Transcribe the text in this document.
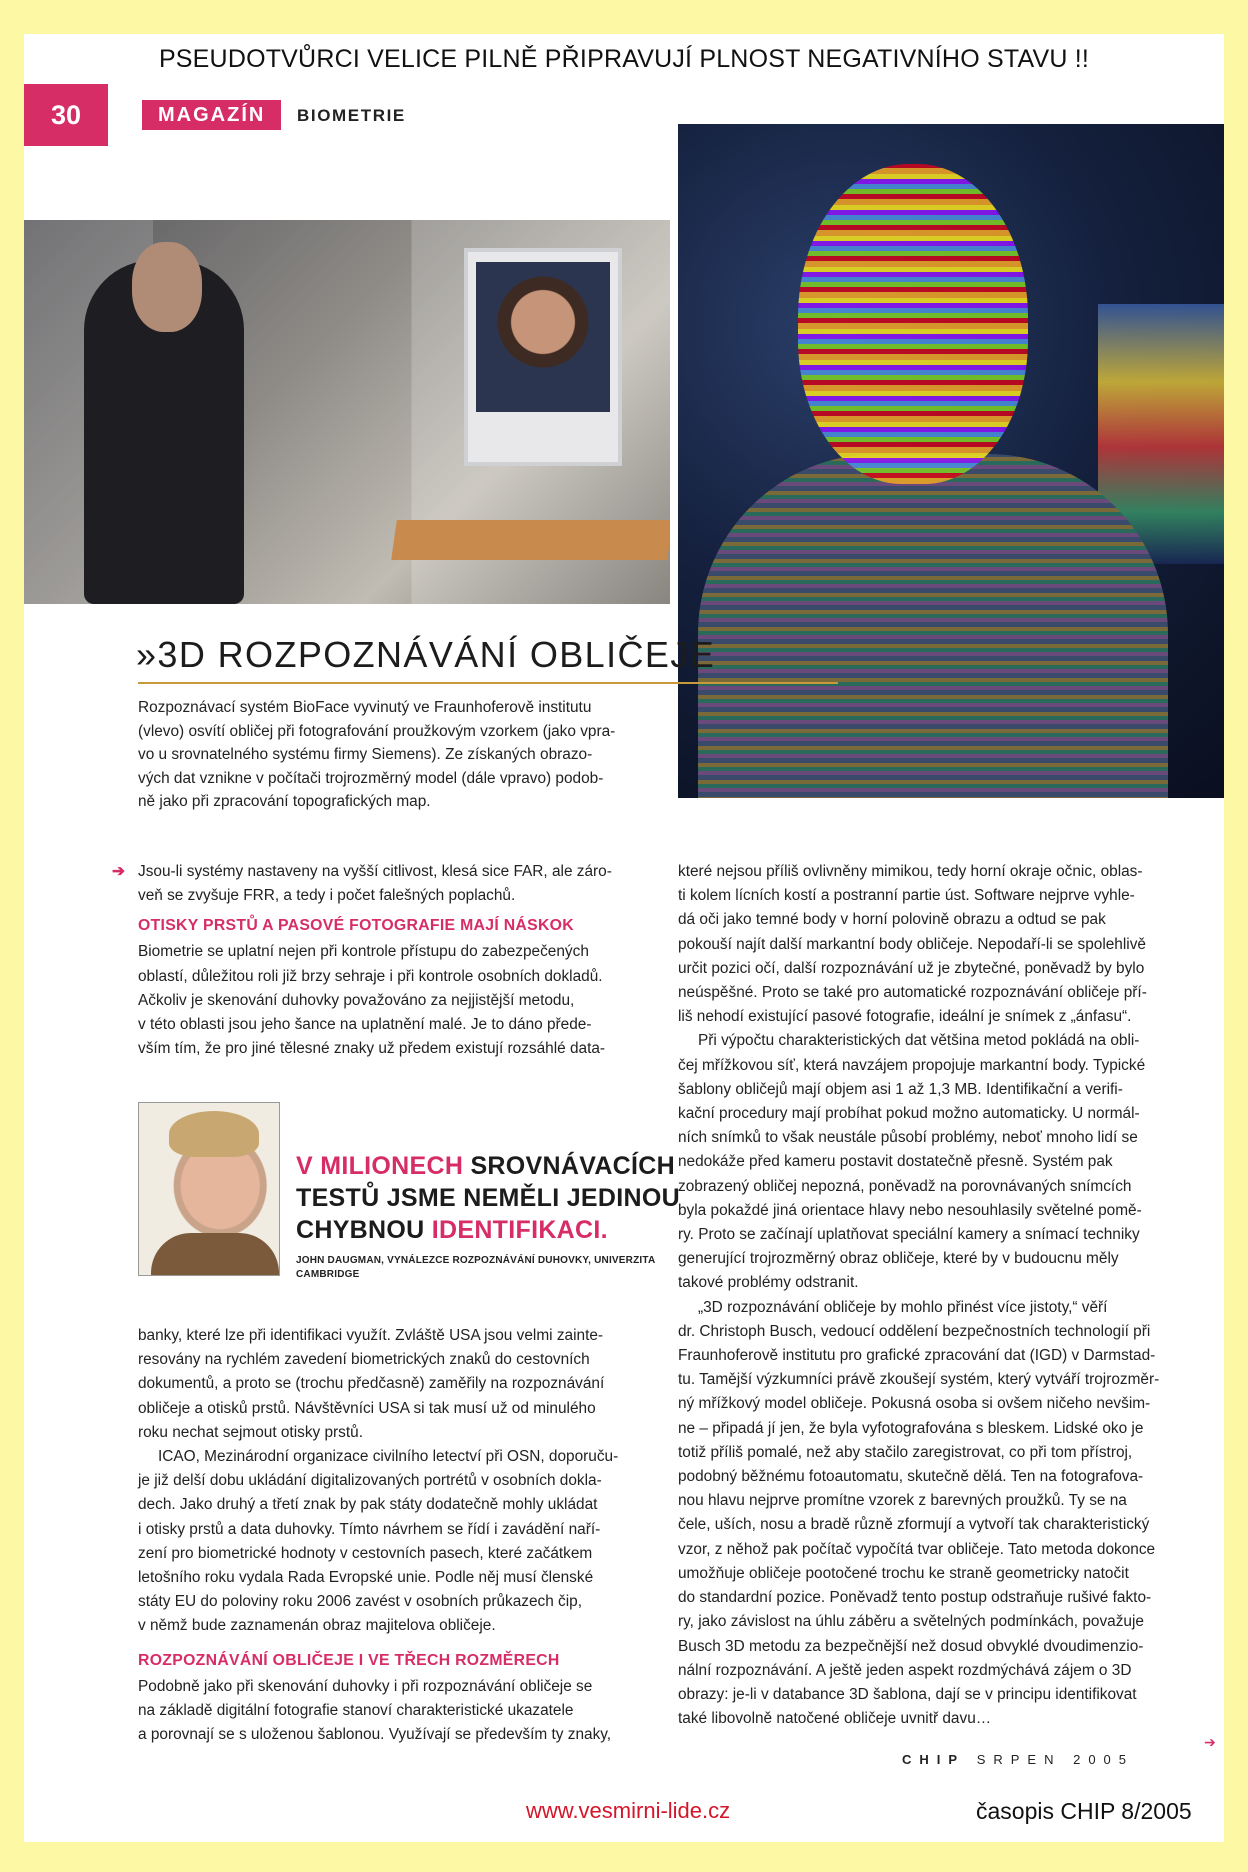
PSEUDOTVŮRCI VELICE PILNĚ PŘIPRAVUJÍ PLNOST NEGATIVNÍHO STAVU !!
30	MAGAZÍN	BIOMETRIE
»3D ROZPOZNÁVÁNÍ OBLIČEJE
Rozpoznávací systém BioFace vyvinutý ve Fraunhoferově institutu
(vlevo) osvítí obličej při fotografování proužkovým vzorkem (jako vpra-
vo u srovnatelného systému firmy Siemens). Ze získaných obrazo-
vých dat vznikne v počítači trojrozměrný model (dále vpravo) podob-
ně jako při zpracování topografických map.
➔ Jsou-li systémy nastaveny na vyšší citlivost, klesá sice FAR, ale záro-
veň se zvyšuje FRR, a tedy i počet falešných poplachů.
OTISKY PRSTŮ A PASOVÉ FOTOGRAFIE MAJÍ NÁSKOK
Biometrie se uplatní nejen při kontrole přístupu do zabezpečených
oblastí, důležitou roli již brzy sehraje i při kontrole osobních dokladů.
Ačkoliv je skenování duhovky považováno za nejjistější metodu,
v této oblasti jsou jeho šance na uplatnění malé. Je to dáno přede-
vším tím, že pro jiné tělesné znaky už předem existují rozsáhlé data-
V MILIONECH SROVNÁVACÍCH
TESTŮ JSME NEMĚLI JEDINOU
CHYBNOU IDENTIFIKACI.
JOHN DAUGMAN, VYNÁLEZCE ROZPOZNÁVÁNÍ DUHOVKY, UNIVERZITA CAMBRIDGE
banky, které lze při identifikaci využít. Zvláště USA jsou velmi zainte-
resovány na rychlém zavedení biometrických znaků do cestovních
dokumentů, a proto se (trochu předčasně) zaměřily na rozpoznávání
obličeje a otisků prstů. Návštěvníci USA si tak musí už od minulého
roku nechat sejmout otisky prstů.
ICAO, Mezinárodní organizace civilního letectví při OSN, doporuču-
je již delší dobu ukládání digitalizovaných portrétů v osobních dokla-
dech. Jako druhý a třetí znak by pak státy dodatečně mohly ukládat
i otisky prstů a data duhovky. Tímto návrhem se řídí i zavádění naří-
zení pro biometrické hodnoty v cestovních pasech, které začátkem
letošního roku vydala Rada Evropské unie. Podle něj musí členské
státy EU do poloviny roku 2006 zavést v osobních průkazech čip,
v němž bude zaznamenán obraz majitelova obličeje.
ROZPOZNÁVÁNÍ OBLIČEJE I VE TŘECH ROZMĚRECH
Podobně jako při skenování duhovky i při rozpoznávání obličeje se
na základě digitální fotografie stanoví charakteristické ukazatele
a porovnají se s uloženou šablonou. Využívají se především ty znaky,
které nejsou příliš ovlivněny mimikou, tedy horní okraje očnic, oblas-
ti kolem lícních kostí a postranní partie úst. Software nejprve vyhle-
dá oči jako temné body v horní polovině obrazu a odtud se pak
pokouší najít další markantní body obličeje. Nepodaří-li se spolehlivě
určit pozici očí, další rozpoznávání už je zbytečné, poněvadž by bylo
neúspěšné. Proto se také pro automatické rozpoznávání obličeje pří-
liš nehodí existující pasové fotografie, ideální je snímek z „ánfasu“.
Při výpočtu charakteristických dat většina metod pokládá na obli-
čej mřížkovou síť, která navzájem propojuje markantní body. Typické
šablony obličejů mají objem asi 1 až 1,3 MB. Identifikační a verifi-
kační procedury mají probíhat pokud možno automaticky. U normál-
ních snímků to však neustále působí problémy, neboť mnoho lidí se
nedokáže před kameru postavit dostatečně přesně. Systém pak
zobrazený obličej nepozná, poněvadž na porovnávaných snímcích
byla pokaždé jiná orientace hlavy nebo nesouhlasily světelné pomě-
ry. Proto se začínají uplatňovat speciální kamery a snímací techniky
generující trojrozměrný obraz obličeje, které by v budoucnu měly
takové problémy odstranit.
„3D rozpoznávání obličeje by mohlo přinést více jistoty,“ věří
dr. Christoph Busch, vedoucí oddělení bezpečnostních technologií při
Fraunhoferově institutu pro grafické zpracování dat (IGD) v Darmstad-
tu. Tamější výzkumníci právě zkoušejí systém, který vytváří trojrozměr-
ný mřížkový model obličeje. Pokusná osoba si ovšem ničeho nevšim-
ne – připadá jí jen, že byla vyfotografována s bleskem. Lidské oko je
totiž příliš pomalé, než aby stačilo zaregistrovat, co při tom přístroj,
podobný běžnému fotoautomatu, skutečně dělá. Ten na fotografova-
nou hlavu nejprve promítne vzorek z barevných proužků. Ty se na
čele, uších, nosu a bradě různě zformují a vytvoří tak charakteristický
vzor, z něhož pak počítač vypočítá tvar obličeje. Tato metoda dokonce
umožňuje obličeje pootočené trochu ke straně geometricky natočit
do standardní pozice. Poněvadž tento postup odstraňuje rušivé fakto-
ry, jako závislost na úhlu záběru a světelných podmínkách, považuje
Busch 3D metodu za bezpečnější než dosud obvyklé dvoudimenzio-
nální rozpoznávání. A ještě jeden aspekt rozdmýchává zájem o 3D
obrazy: je-li v databance 3D šablona, dají se v principu identifikovat
také libovolně natočené obličeje uvnitř davu…
➔
CHIP SRPEN 2005
www.vesmirni-lide.cz	časopis CHIP 8/2005
